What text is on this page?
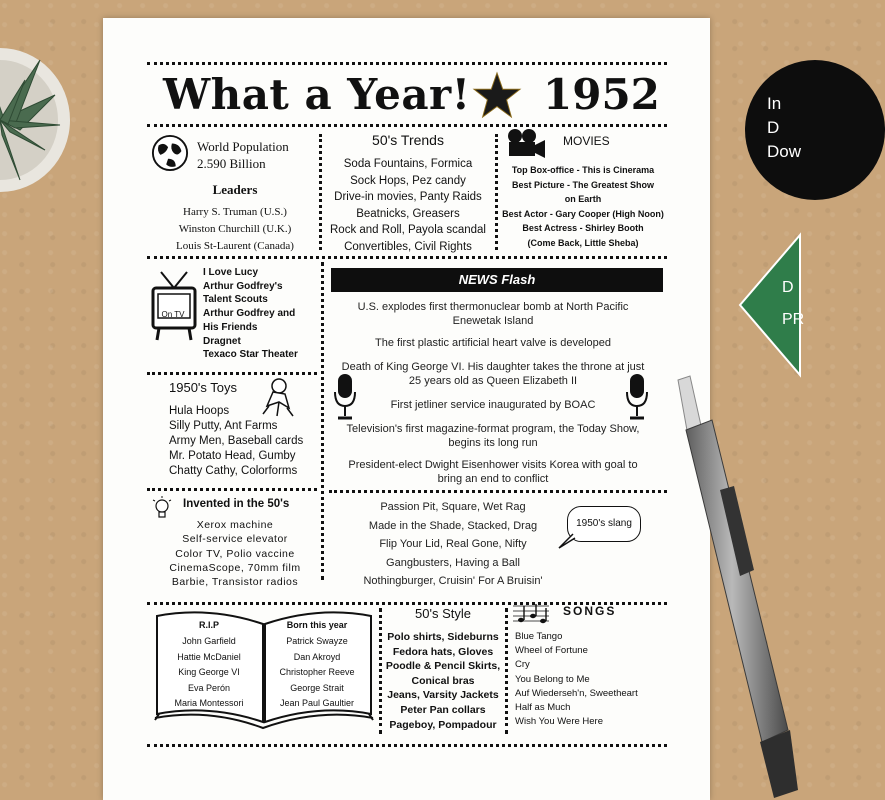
In
D
Dow
D
PR
What a Year! 1952
World Population
2.590 Billion
Leaders
Harry S. Truman (U.S.)
Winston Churchill (U.K.)
Louis St-Laurent (Canada)
50's Trends
Soda Fountains, Formica
Sock Hops, Pez candy
Drive-in movies, Panty Raids
Beatnicks, Greasers
Rock and Roll, Payola scandal
Convertibles, Civil Rights
MOVIES
Top Box-office - This is Cinerama
Best Picture - The Greatest Show
on Earth
Best Actor - Gary Cooper (High Noon)
Best Actress - Shirley Booth
(Come Back, Little Sheba)
On TV
I Love Lucy
Arthur Godfrey's
Talent Scouts
Arthur Godfrey and
His Friends
Dragnet
Texaco Star Theater
1950's Toys
Hula Hoops
Silly Putty, Ant Farms
Army Men, Baseball cards
Mr. Potato Head, Gumby
Chatty Cathy, Colorforms
Invented in the 50's
Xerox machine
Self-service elevator
Color TV, Polio vaccine
CinemaScope, 70mm film
Barbie, Transistor radios
NEWS Flash
U.S. explodes first thermonuclear bomb at North Pacific Enewetak Island
The first plastic artificial heart valve is developed
Death of King George VI. His daughter takes the throne at just 25 years old as Queen Elizabeth II
First jetliner service inaugurated by BOAC
Television's first magazine-format program, the Today Show, begins its long run
President-elect Dwight Eisenhower visits Korea with goal to bring an end to conflict
Passion Pit, Square, Wet Rag
Made in the Shade, Stacked, Drag
Flip Your Lid, Real Gone, Nifty
Gangbusters, Having a Ball
Nothingburger, Cruisin' For A Bruisin'
1950's slang
R.I.P
John Garfield
Hattie McDaniel
King George VI
Eva Perón
Maria Montessori
Born this year
Patrick Swayze
Dan Akroyd
Christopher Reeve
George Strait
Jean Paul Gaultier
50's Style
Polo shirts, Sideburns
Fedora hats, Gloves
Poodle & Pencil Skirts,
Conical bras
Jeans, Varsity Jackets
Peter Pan collars
Pageboy, Pompadour
SONGS
Blue Tango
Wheel of Fortune
Cry
You Belong to Me
Auf Wiederseh'n, Sweetheart
Half as Much
Wish You Were Here
